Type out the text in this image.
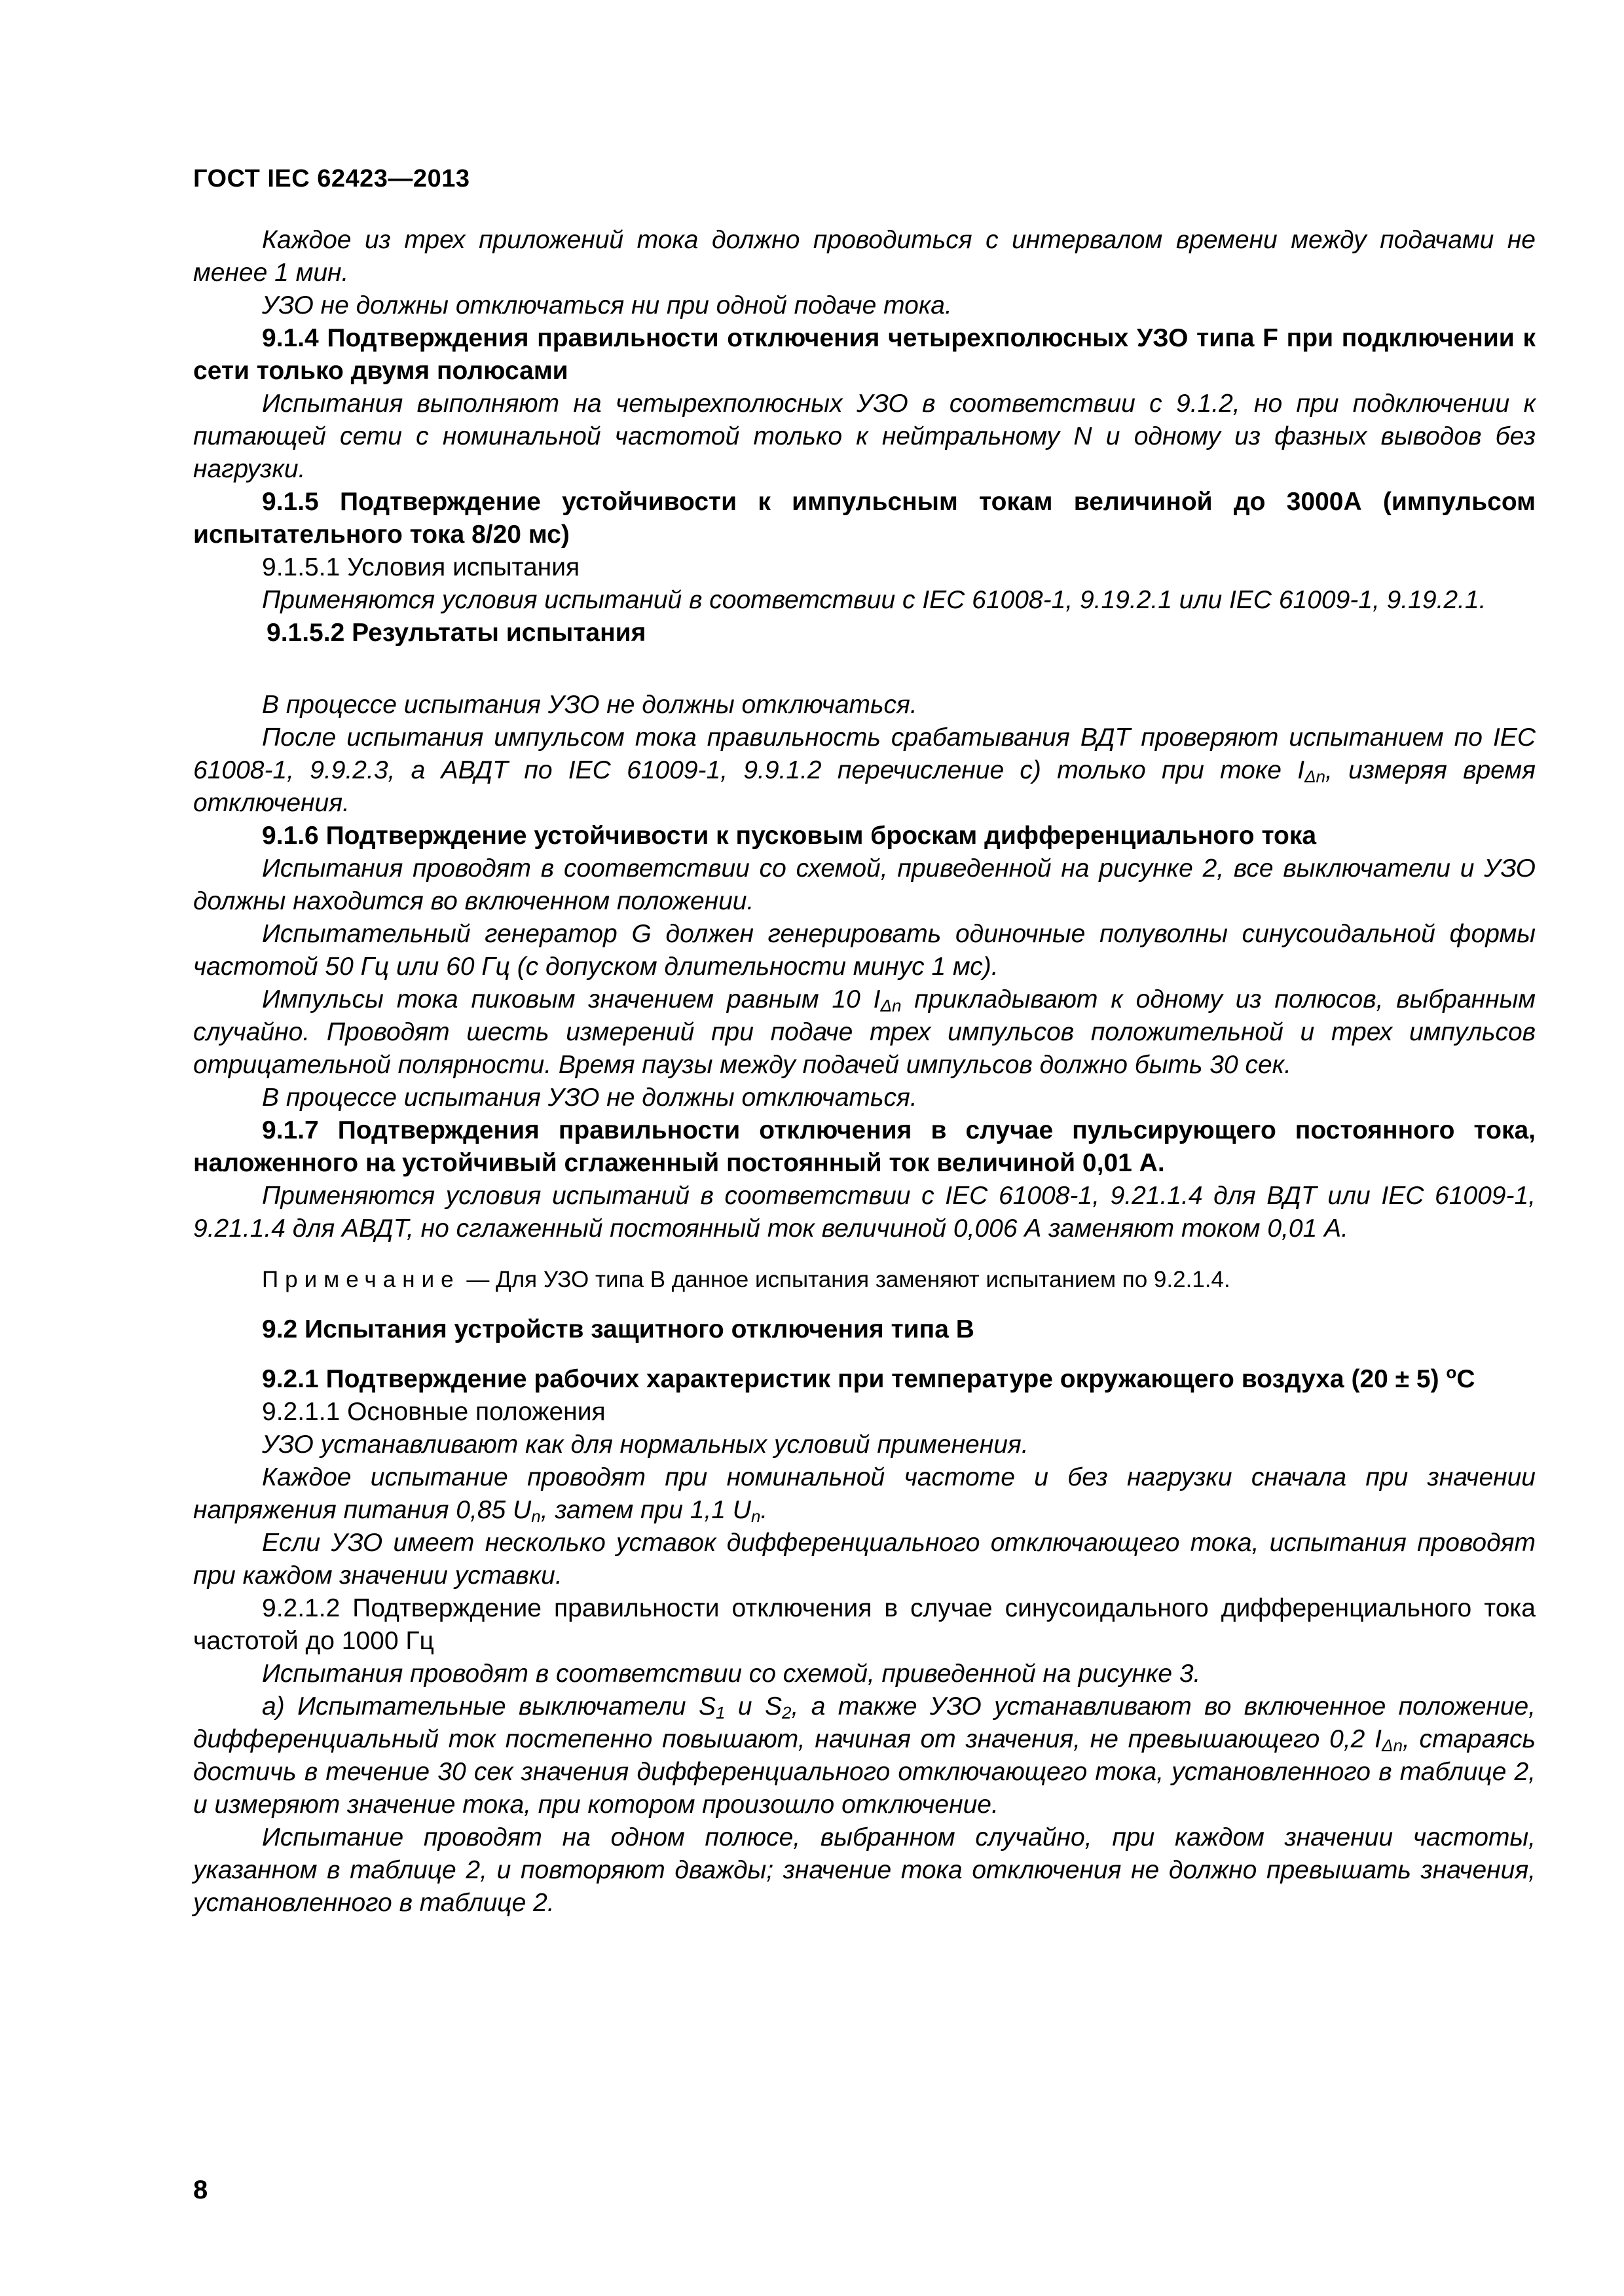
ГОСТ IEC 62423—2013

Каждое из трех приложений тока должно проводиться с интервалом времени между подачами не менее 1 мин.

УЗО не должны отключаться ни при одной подаче тока.

9.1.4 Подтверждения правильности отключения четырехполюсных УЗО типа F при подключении к сети только двумя полюсами

Испытания выполняют на четырехполюсных УЗО в соответствии с 9.1.2, но при подключении к питающей сети с номинальной частотой только к нейтральному N и одному из фазных выводов без нагрузки.

9.1.5 Подтверждение устойчивости к импульсным токам величиной до 3000А (импульсом испытательного тока 8/20 мс)

9.1.5.1 Условия испытания

Применяются условия испытаний в соответствии с IEC 61008-1, 9.19.2.1 или IEC 61009-1, 9.19.2.1.

9.1.5.2 Результаты испытания

В процессе испытания УЗО не должны отключаться.

После испытания импульсом тока правильность срабатывания ВДТ проверяют испытанием по IEC 61008-1, 9.9.2.3, а АВДТ по IEC 61009-1, 9.9.1.2 перечисление c) только при токе $I_{\Delta n}$, измеряя время отключения.

9.1.6 Подтверждение устойчивости к пусковым броскам дифференциального тока

Испытания проводят в соответствии со схемой, приведенной на рисунке 2, все выключатели и УЗО должны находится во включенном положении.

Испытательный генератор G должен генерировать одиночные полуволны синусоидальной формы частотой 50 Гц или 60 Гц (с допуском длительности минус 1 мс).

Импульсы тока пиковым значением равным 10 $I_{\Delta n}$ прикладывают к одному из полюсов, выбранным случайно. Проводят шесть измерений при подаче трех импульсов положительной и трех импульсов отрицательной полярности. Время паузы между подачей импульсов должно быть 30 сек.

В процессе испытания УЗО не должны отключаться.

9.1.7 Подтверждения правильности отключения в случае пульсирующего постоянного тока, наложенного на устойчивый сглаженный постоянный ток величиной 0,01 А.

Применяются условия испытаний в соответствии с IEC 61008-1, 9.21.1.4 для ВДТ или IEC 61009-1, 9.21.1.4 для АВДТ, но сглаженный постоянный ток величиной 0,006 А заменяют током 0,01 А.

Примечание — Для УЗО типа В данное испытания заменяют испытанием по 9.2.1.4.

9.2 Испытания устройств защитного отключения типа В

9.2.1 Подтверждение рабочих характеристик при температуре окружающего воздуха (20 ± 5) $^о$С

9.2.1.1 Основные положения

УЗО устанавливают как для нормальных условий применения.

Каждое испытание проводят при номинальной частоте и без нагрузки сначала при значении напряжения питания 0,85 $U_n$, затем при 1,1 $U_n$.

Если УЗО имеет несколько уставок дифференциального отключающего тока, испытания проводят при каждом значении уставки.

9.2.1.2 Подтверждение правильности отключения в случае синусоидального дифференциального тока частотой до 1000 Гц

Испытания проводят в соответствии со схемой, приведенной на рисунке 3.

a) Испытательные выключатели $S_1$ и $S_2$, а также УЗО устанавливают во включенное положение, дифференциальный ток постепенно повышают, начиная от значения, не превышающего 0,2 $I_{\Delta n}$, стараясь достичь в течение 30 сек значения дифференциального отключающего тока, установленного в таблице 2, и измеряют значение тока, при котором произошло отключение.

Испытание проводят на одном полюсе, выбранном случайно, при каждом значении частоты, указанном в таблице 2, и повторяют дважды; значение тока отключения не должно превышать значения, установленного в таблице 2.

8
